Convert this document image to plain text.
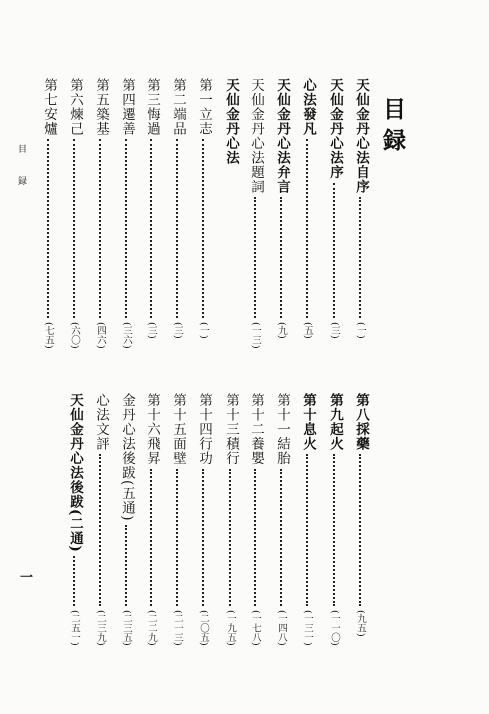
目録
目 録
一
天仙金丹心法自序
( 一 )
天仙金丹心法序
( 三 )
心法發凡
( 五 )
天仙金丹心法弁言
( 九 )
天仙金丹心法題詞
( 一三 )
天仙金丹心法
第一立志
( 一 )
第二端品
( 三 )
第三悔過
( 三 )
第四遷善
( 三六 )
第五築基
( 四六 )
第六煉己
( 六〇 )
第七安爐
( 七五 )
第八採藥
( 九五 )
第九起火
( 一一〇 )
第十息火
( 一三一 )
第十一結胎
( 一四八 )
第十二養嬰
( 一七八 )
第十三積行
( 一九五 )
第十四行功
( 二〇五 )
第十五面壁
( 二一三 )
第十六飛昇
( 二二九 )
金丹心法後跋(五通)
( 二三五 )
心法文評
( 二三九 )
天仙金丹心法後跋(二通)
( 二五一 )
